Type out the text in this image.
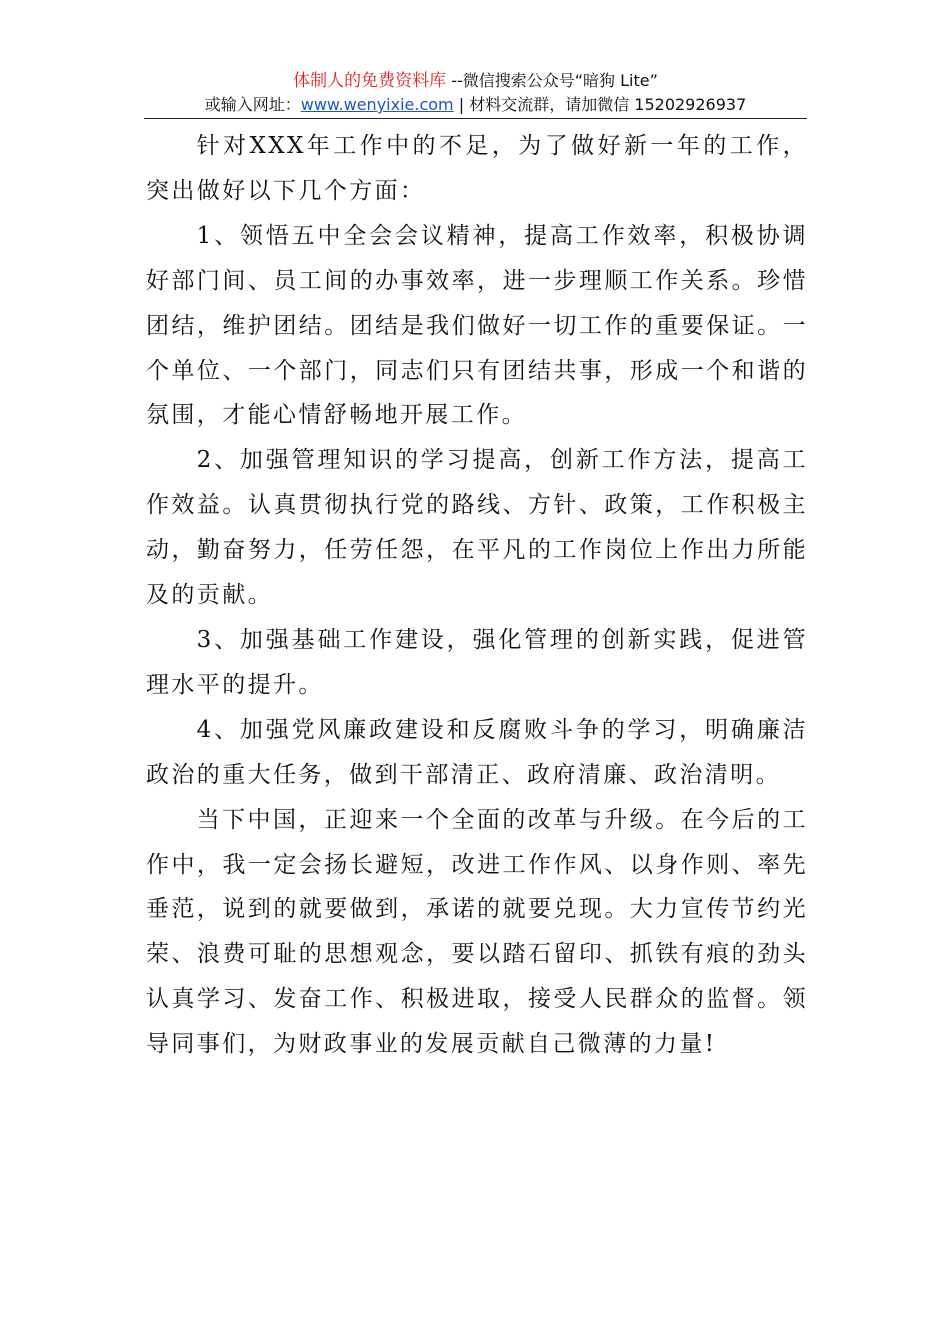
体制人的免费资料库 --微信搜索公众号“暗狗 Lite”
或输入网址：www.wenyixie.com | 材料交流群，请加微信 15202926937

针对XXX年工作中的不足，为了做好新一年的工作，突出做好以下几个方面：

1、领悟五中全会会议精神，提高工作效率，积极协调好部门间、员工间的办事效率，进一步理顺工作关系。珍惜团结，维护团结。团结是我们做好一切工作的重要保证。一个单位、一个部门，同志们只有团结共事，形成一个和谐的氛围，才能心情舒畅地开展工作。

2、加强管理知识的学习提高，创新工作方法，提高工作效益。认真贯彻执行党的路线、方针、政策，工作积极主动，勤奋努力，任劳任怨，在平凡的工作岗位上作出力所能及的贡献。

3、加强基础工作建设，强化管理的创新实践，促进管理水平的提升。

4、加强党风廉政建设和反腐败斗争的学习，明确廉洁政治的重大任务，做到干部清正、政府清廉、政治清明。

当下中国，正迎来一个全面的改革与升级。在今后的工作中，我一定会扬长避短，改进工作作风、以身作则、率先垂范，说到的就要做到，承诺的就要兑现。大力宣传节约光荣、浪费可耻的思想观念，要以踏石留印、抓铁有痕的劲头认真学习、发奋工作、积极进取，接受人民群众的监督。领导同事们，为财政事业的发展贡献自己微薄的力量!
